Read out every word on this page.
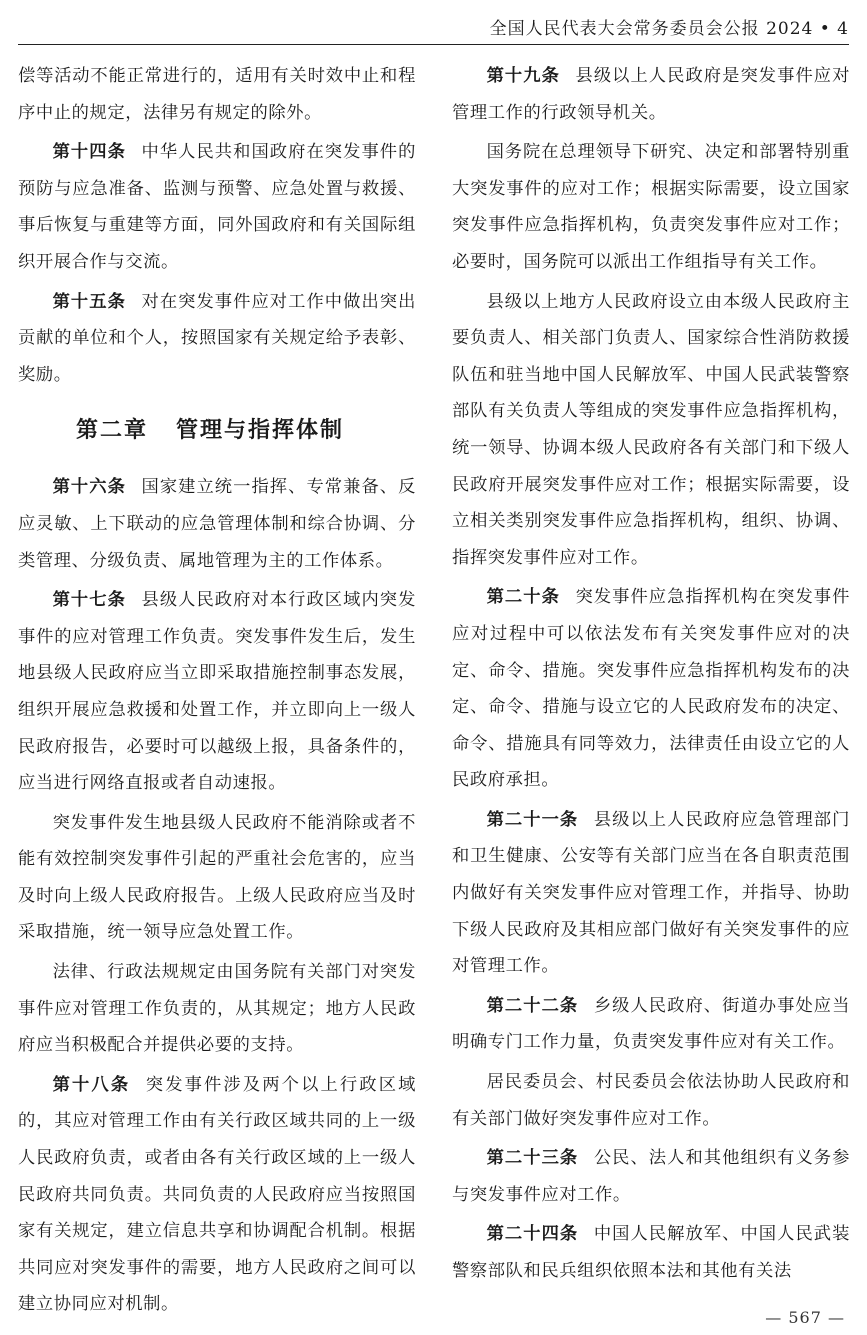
全国人民代表大会常务委员会公报 2024 • 4

偿等活动不能正常进行的，适用有关时效中止和程序中止的规定，法律另有规定的除外。

第十四条 中华人民共和国政府在突发事件的预防与应急准备、监测与预警、应急处置与救援、事后恢复与重建等方面，同外国政府和有关国际组织开展合作与交流。

第十五条 对在突发事件应对工作中做出突出贡献的单位和个人，按照国家有关规定给予表彰、奖励。

第二章 管理与指挥体制

第十六条 国家建立统一指挥、专常兼备、反应灵敏、上下联动的应急管理体制和综合协调、分类管理、分级负责、属地管理为主的工作体系。

第十七条 县级人民政府对本行政区域内突发事件的应对管理工作负责。突发事件发生后，发生地县级人民政府应当立即采取措施控制事态发展，组织开展应急救援和处置工作，并立即向上一级人民政府报告，必要时可以越级上报，具备条件的，应当进行网络直报或者自动速报。

突发事件发生地县级人民政府不能消除或者不能有效控制突发事件引起的严重社会危害的，应当及时向上级人民政府报告。上级人民政府应当及时采取措施，统一领导应急处置工作。

法律、行政法规规定由国务院有关部门对突发事件应对管理工作负责的，从其规定；地方人民政府应当积极配合并提供必要的支持。

第十八条 突发事件涉及两个以上行政区域的，其应对管理工作由有关行政区域共同的上一级人民政府负责，或者由各有关行政区域的上一级人民政府共同负责。共同负责的人民政府应当按照国家有关规定，建立信息共享和协调配合机制。根据共同应对突发事件的需要，地方人民政府之间可以建立协同应对机制。

第十九条 县级以上人民政府是突发事件应对管理工作的行政领导机关。

国务院在总理领导下研究、决定和部署特别重大突发事件的应对工作；根据实际需要，设立国家突发事件应急指挥机构，负责突发事件应对工作；必要时，国务院可以派出工作组指导有关工作。

县级以上地方人民政府设立由本级人民政府主要负责人、相关部门负责人、国家综合性消防救援队伍和驻当地中国人民解放军、中国人民武装警察部队有关负责人等组成的突发事件应急指挥机构，统一领导、协调本级人民政府各有关部门和下级人民政府开展突发事件应对工作；根据实际需要，设立相关类别突发事件应急指挥机构，组织、协调、指挥突发事件应对工作。

第二十条 突发事件应急指挥机构在突发事件应对过程中可以依法发布有关突发事件应对的决定、命令、措施。突发事件应急指挥机构发布的决定、命令、措施与设立它的人民政府发布的决定、命令、措施具有同等效力，法律责任由设立它的人民政府承担。

第二十一条 县级以上人民政府应急管理部门和卫生健康、公安等有关部门应当在各自职责范围内做好有关突发事件应对管理工作，并指导、协助下级人民政府及其相应部门做好有关突发事件的应对管理工作。

第二十二条 乡级人民政府、街道办事处应当明确专门工作力量，负责突发事件应对有关工作。

居民委员会、村民委员会依法协助人民政府和有关部门做好突发事件应对工作。

第二十三条 公民、法人和其他组织有义务参与突发事件应对工作。

第二十四条 中国人民解放军、中国人民武装警察部队和民兵组织依照本法和其他有关法

— 567 —
